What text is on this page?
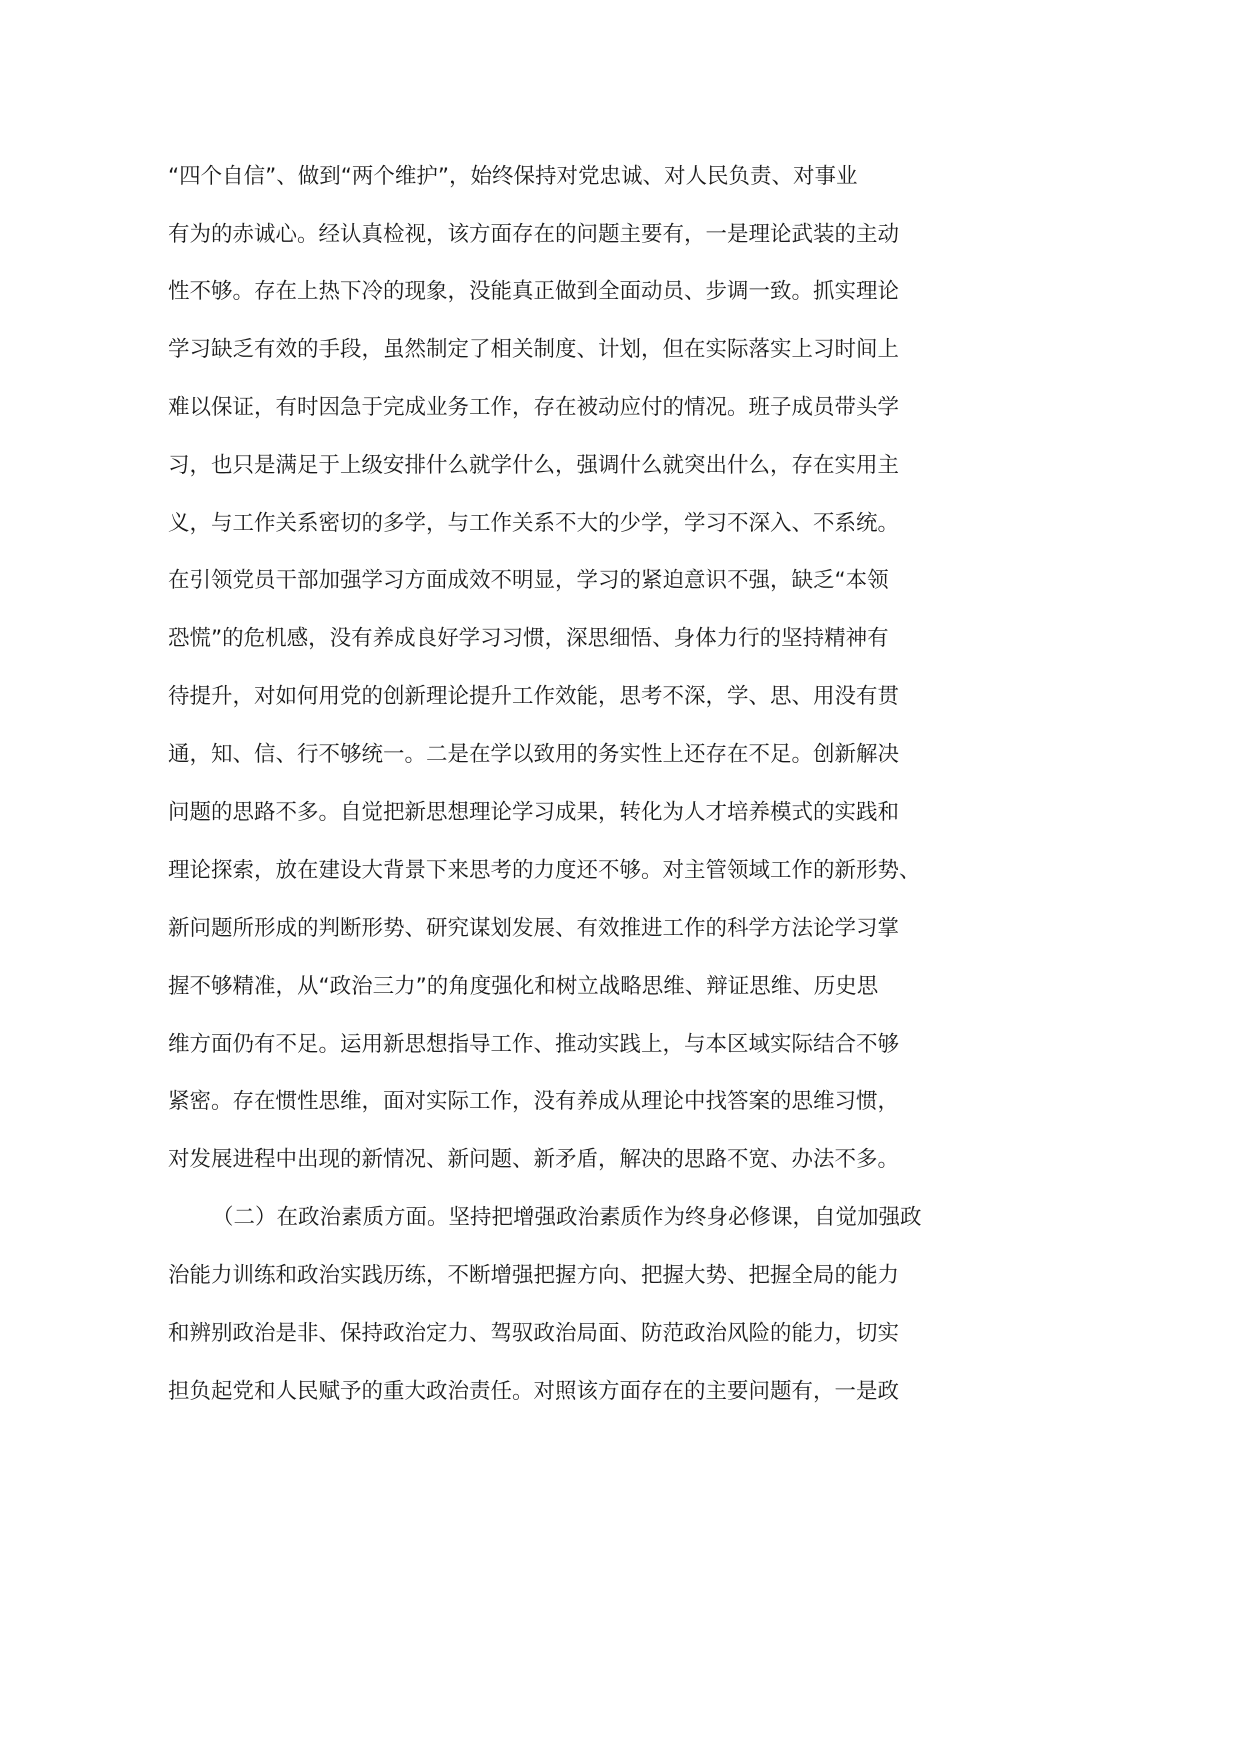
“四个自信”、做到“两个维护”，始终保持对党忠诚、对人民负责、对事业
有为的赤诚心。经认真检视，该方面存在的问题主要有，一是理论武装的主动
性不够。存在上热下冷的现象，没能真正做到全面动员、步调一致。抓实理论
学习缺乏有效的手段，虽然制定了相关制度、计划，但在实际落实上习时间上
难以保证，有时因急于完成业务工作，存在被动应付的情况。班子成员带头学
习，也只是满足于上级安排什么就学什么，强调什么就突出什么，存在实用主
义，与工作关系密切的多学，与工作关系不大的少学，学习不深入、不系统。
在引领党员干部加强学习方面成效不明显，学习的紧迫意识不强，缺乏“本领
恐慌”的危机感，没有养成良好学习习惯，深思细悟、身体力行的坚持精神有
待提升，对如何用党的创新理论提升工作效能，思考不深，学、思、用没有贯
通，知、信、行不够统一。二是在学以致用的务实性上还存在不足。创新解决
问题的思路不多。自觉把新思想理论学习成果，转化为人才培养模式的实践和
理论探索，放在建设大背景下来思考的力度还不够。对主管领域工作的新形势、
新问题所形成的判断形势、研究谋划发展、有效推进工作的科学方法论学习掌
握不够精准，从“政治三力”的角度强化和树立战略思维、辩证思维、历史思
维方面仍有不足。运用新思想指导工作、推动实践上，与本区域实际结合不够
紧密。存在惯性思维，面对实际工作，没有养成从理论中找答案的思维习惯，
对发展进程中出现的新情况、新问题、新矛盾，解决的思路不宽、办法不多。
（二）在政治素质方面。坚持把增强政治素质作为终身必修课，自觉加强政
治能力训练和政治实践历练，不断增强把握方向、把握大势、把握全局的能力
和辨别政治是非、保持政治定力、驾驭政治局面、防范政治风险的能力，切实
担负起党和人民赋予的重大政治责任。对照该方面存在的主要问题有，一是政
